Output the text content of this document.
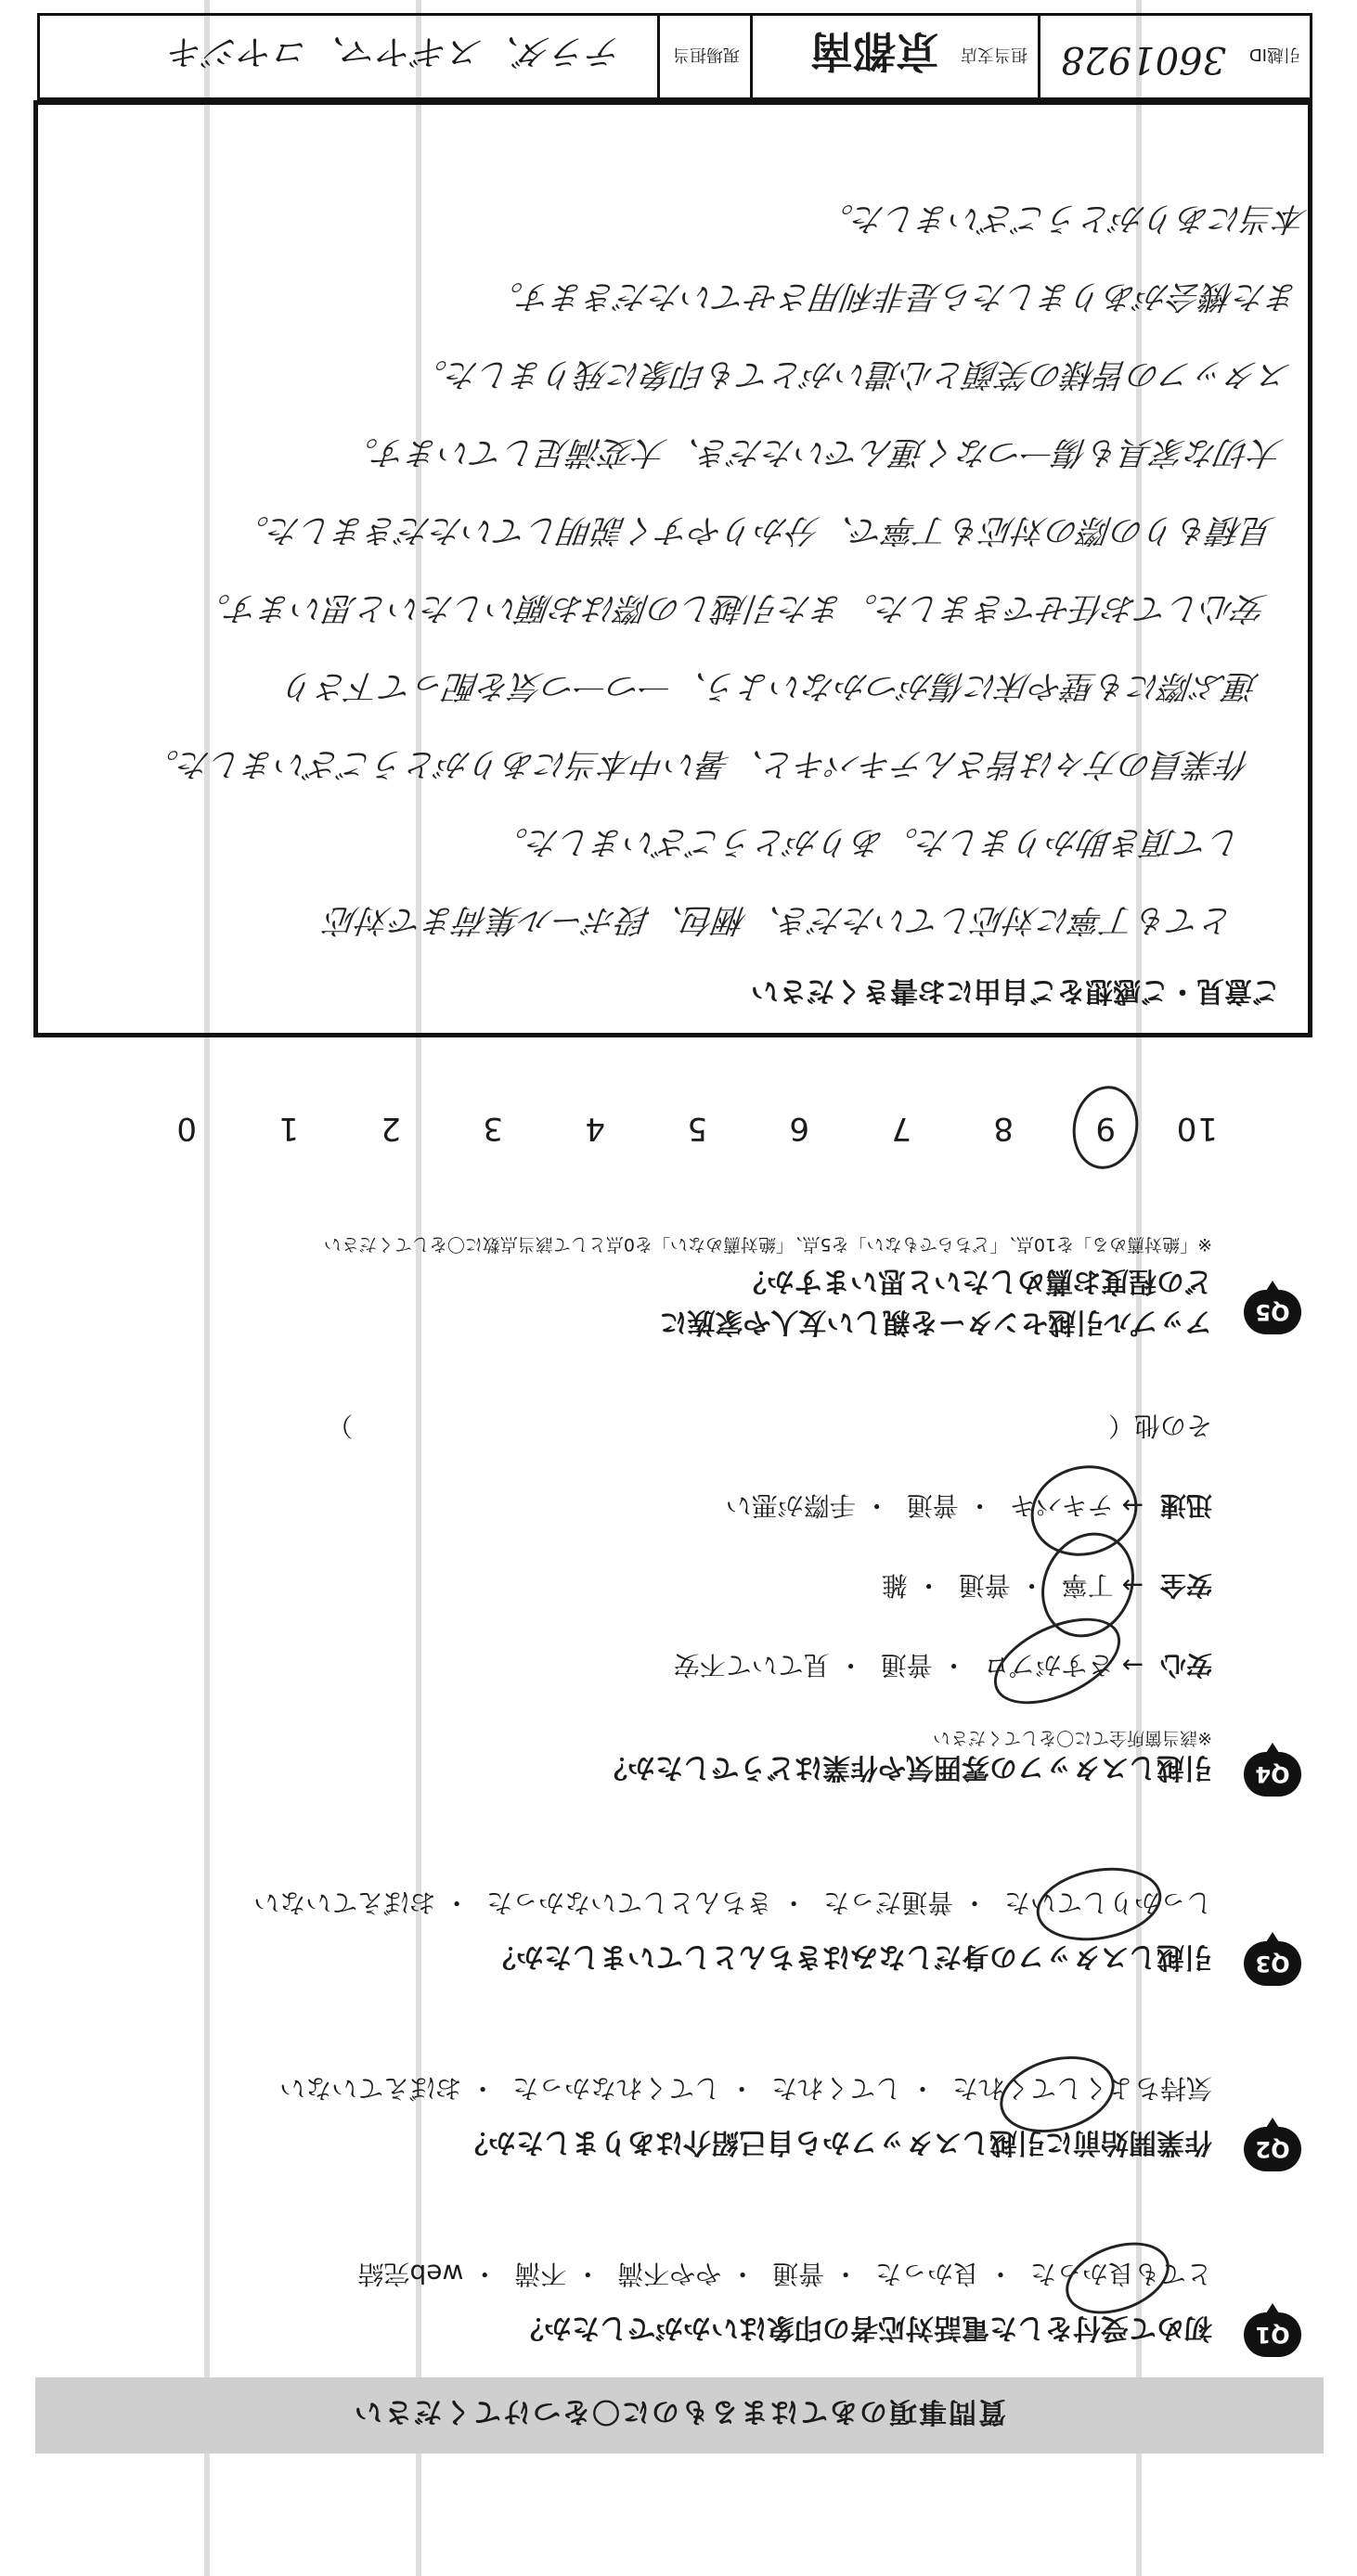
質問事項のあてはまるものに〇をつけてください
Q1
初めて受付をした電話対応者の印象はいかがでしたか？
とても良かった・ 良かった・ 普通・ やや不満・ 不満・ web完結
Q2
作業開始前に引越しスタッフから自己紹介はありましたか？
気持ちよくしてくれた・ してくれた・ してくれなかった・ おぼえていない
Q3
引越しスタッフの身だしなみはきちんとしていましたか？
しっかりしていた・ 普通だった・ きちんとしていなかった・ おぼえていない
Q4
引越しスタッフの雰囲気や作業はどうでしたか？
※該当箇所全てに〇をしてください
安心→ さすがプロ・ 普通・ 見ていて不安
安全→ 丁寧・ 普通・ 雑
迅速→ テキパキ・ 普通・ 手際が悪い
その他（  ）
Q5
アップル引越センターを親しい友人や家族に
どの程度お薦めしたいと思いますか？
※「絶対薦める」を10点、「どちらでもない」を5点、「絶対薦めない」を0点として該当点数に〇をしてください
109876543210
ご意見・ご感想をご自由にお書きください
とても丁寧に対応していただき、梱包、段ボール集荷まで対応
して頂き助かりました。ありがとうございました。
作業員の方々は皆さんテキパキと、暑い中本当にありがとうございました。
運ぶ際にも壁や床に傷がつかないよう、一つ一つ気を配って下さり
安心してお任せできました。また引越しの際はお願いしたいと思います。
見積もりの際の対応も丁寧で、分かりやすく説明していただきました。
大切な家具も傷一つなく運んでいただき、大変満足しています。
スタッフの皆様の笑顔と心遣いがとても印象に残りました。
また機会がありましたら是非利用させていただきます。
本当にありがとうございました。
引越ID
3601928
担当支店
京都南
現場担当
テラダ、スギヤマ、コヤジキ
